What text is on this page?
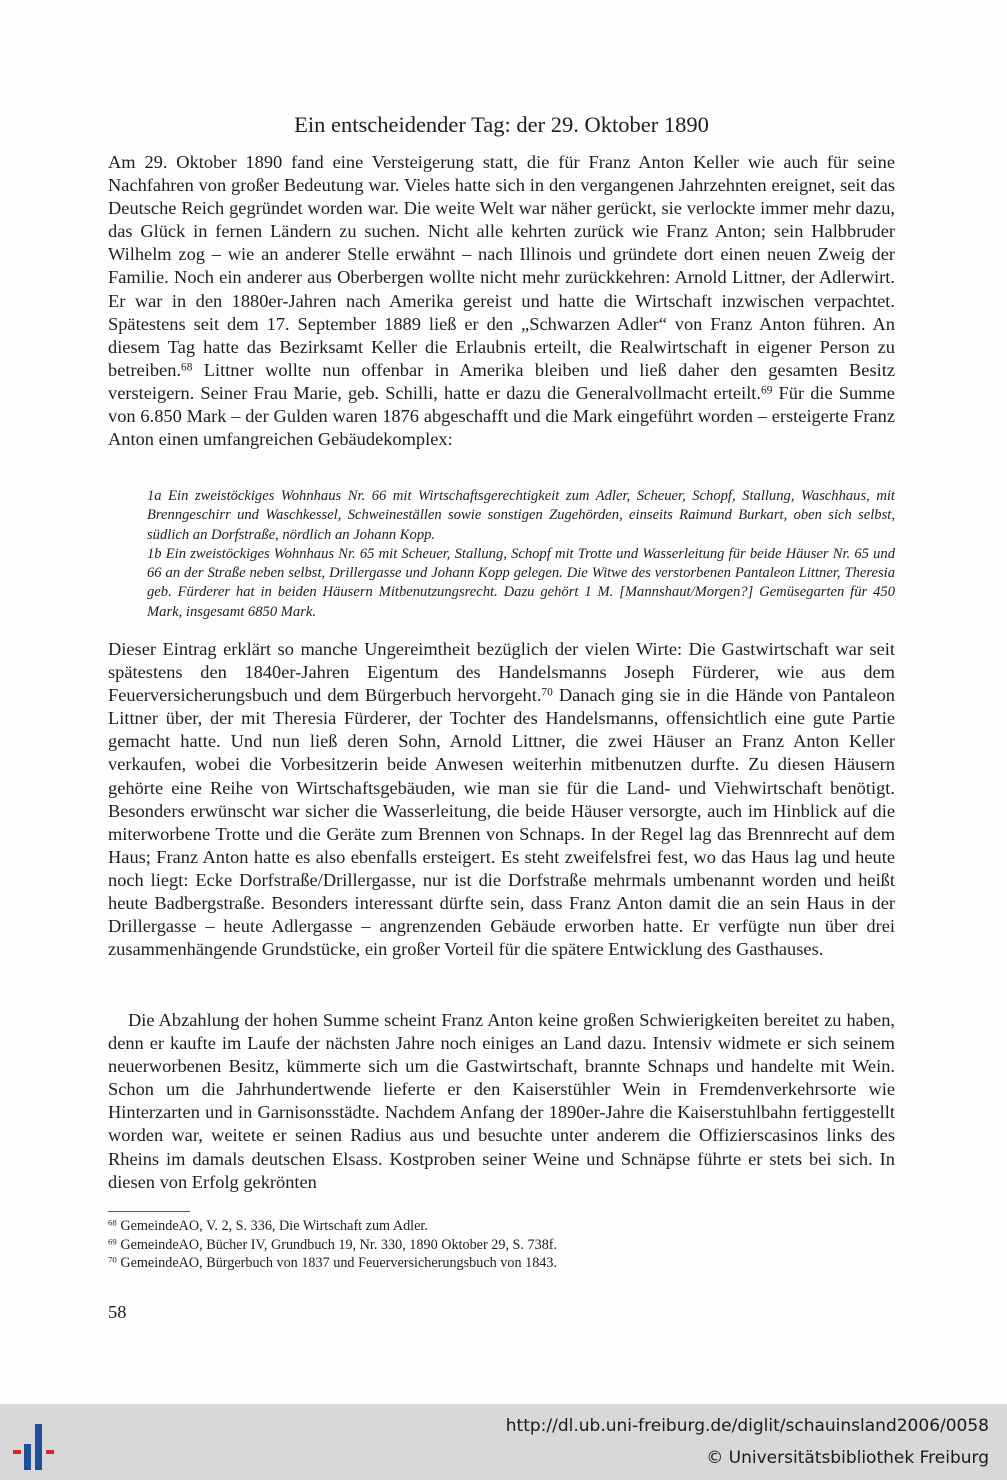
Ein entscheidender Tag: der 29. Oktober 1890

Am 29. Oktober 1890 fand eine Versteigerung statt, die für Franz Anton Keller wie auch für seine Nachfahren von großer Bedeutung war. Vieles hatte sich in den vergangenen Jahrzehnten ereignet, seit das Deutsche Reich gegründet worden war. Die weite Welt war näher gerückt, sie verlockte immer mehr dazu, das Glück in fernen Ländern zu suchen. Nicht alle kehrten zurück wie Franz Anton; sein Halbbruder Wilhelm zog – wie an anderer Stelle erwähnt – nach Illinois und gründete dort einen neuen Zweig der Familie. Noch ein anderer aus Oberbergen wollte nicht mehr zurückkehren: Arnold Littner, der Adlerwirt. Er war in den 1880er-Jahren nach Amerika gereist und hatte die Wirtschaft inzwischen verpachtet. Spätestens seit dem 17. September 1889 ließ er den „Schwarzen Adler“ von Franz Anton führen. An diesem Tag hatte das Bezirksamt Keller die Erlaubnis erteilt, die Realwirtschaft in eigener Person zu betreiben.$^{68}$ Littner wollte nun offenbar in Amerika bleiben und ließ daher den gesamten Besitz versteigern. Seiner Frau Marie, geb. Schilli, hatte er dazu die Generalvollmacht erteilt.$^{69}$ Für die Summe von 6.850 Mark – der Gulden waren 1876 abgeschafft und die Mark eingeführt worden – ersteigerte Franz Anton einen umfangreichen Gebäudekomplex:

1a Ein zweistöckiges Wohnhaus Nr. 66 mit Wirtschaftsgerechtigkeit zum Adler, Scheuer, Schopf, Stallung, Waschhaus, mit Brenngeschirr und Waschkessel, Schweineställen sowie sonstigen Zugehörden, einseits Raimund Burkart, oben sich selbst, südlich an Dorfstraße, nördlich an Johann Kopp.
1b Ein zweistöckiges Wohnhaus Nr. 65 mit Scheuer, Stallung, Schopf mit Trotte und Wasserleitung für beide Häuser Nr. 65 und 66 an der Straße neben selbst, Drillergasse und Johann Kopp gelegen. Die Witwe des verstorbenen Pantaleon Littner, Theresia geb. Fürderer hat in beiden Häusern Mitbenutzungsrecht. Dazu gehört 1 M. [Mannshaut/Morgen?] Gemüsegarten für 450 Mark, insgesamt 6850 Mark.

Dieser Eintrag erklärt so manche Ungereimtheit bezüglich der vielen Wirte: Die Gastwirtschaft war seit spätestens den 1840er-Jahren Eigentum des Handelsmanns Joseph Fürderer, wie aus dem Feuerversicherungsbuch und dem Bürgerbuch hervorgeht.$^{70}$ Danach ging sie in die Hände von Pantaleon Littner über, der mit Theresia Fürderer, der Tochter des Handelsmanns, offensichtlich eine gute Partie gemacht hatte. Und nun ließ deren Sohn, Arnold Littner, die zwei Häuser an Franz Anton Keller verkaufen, wobei die Vorbesitzerin beide Anwesen weiterhin mitbenutzen durfte. Zu diesen Häusern gehörte eine Reihe von Wirtschaftsgebäuden, wie man sie für die Land- und Viehwirtschaft benötigt. Besonders erwünscht war sicher die Wasserleitung, die beide Häuser versorgte, auch im Hinblick auf die miterworbene Trotte und die Geräte zum Brennen von Schnaps. In der Regel lag das Brennrecht auf dem Haus; Franz Anton hatte es also ebenfalls ersteigert. Es steht zweifelsfrei fest, wo das Haus lag und heute noch liegt: Ecke Dorfstraße/Drillergasse, nur ist die Dorfstraße mehrmals umbenannt worden und heißt heute Badbergstraße. Besonders interessant dürfte sein, dass Franz Anton damit die an sein Haus in der Drillergasse – heute Adlergasse – angrenzenden Gebäude erworben hatte. Er verfügte nun über drei zusammenhängende Grundstücke, ein großer Vorteil für die spätere Entwicklung des Gasthauses.

Die Abzahlung der hohen Summe scheint Franz Anton keine großen Schwierigkeiten bereitet zu haben, denn er kaufte im Laufe der nächsten Jahre noch einiges an Land dazu. Intensiv widmete er sich seinem neuerworbenen Besitz, kümmerte sich um die Gastwirtschaft, brannte Schnaps und handelte mit Wein. Schon um die Jahrhundertwende lieferte er den Kaiserstühler Wein in Fremdenverkehrsorte wie Hinterzarten und in Garnisonsstädte. Nachdem Anfang der 1890er-Jahre die Kaiserstuhlbahn fertiggestellt worden war, weitete er seinen Radius aus und besuchte unter anderem die Offizierscasinos links des Rheins im damals deutschen Elsass. Kostproben seiner Weine und Schnäpse führte er stets bei sich. In diesen von Erfolg gekrönten

$^{68}$ GemeindeAO, V. 2, S. 336, Die Wirtschaft zum Adler.
$^{69}$ GemeindeAO, Bücher IV, Grundbuch 19, Nr. 330, 1890 Oktober 29, S. 738f.
$^{70}$ GemeindeAO, Bürgerbuch von 1837 und Feuerversicherungsbuch von 1843.
58
http://dl.ub.uni-freiburg.de/diglit/schauinsland2006/0058
© Universitätsbibliothek Freiburg
